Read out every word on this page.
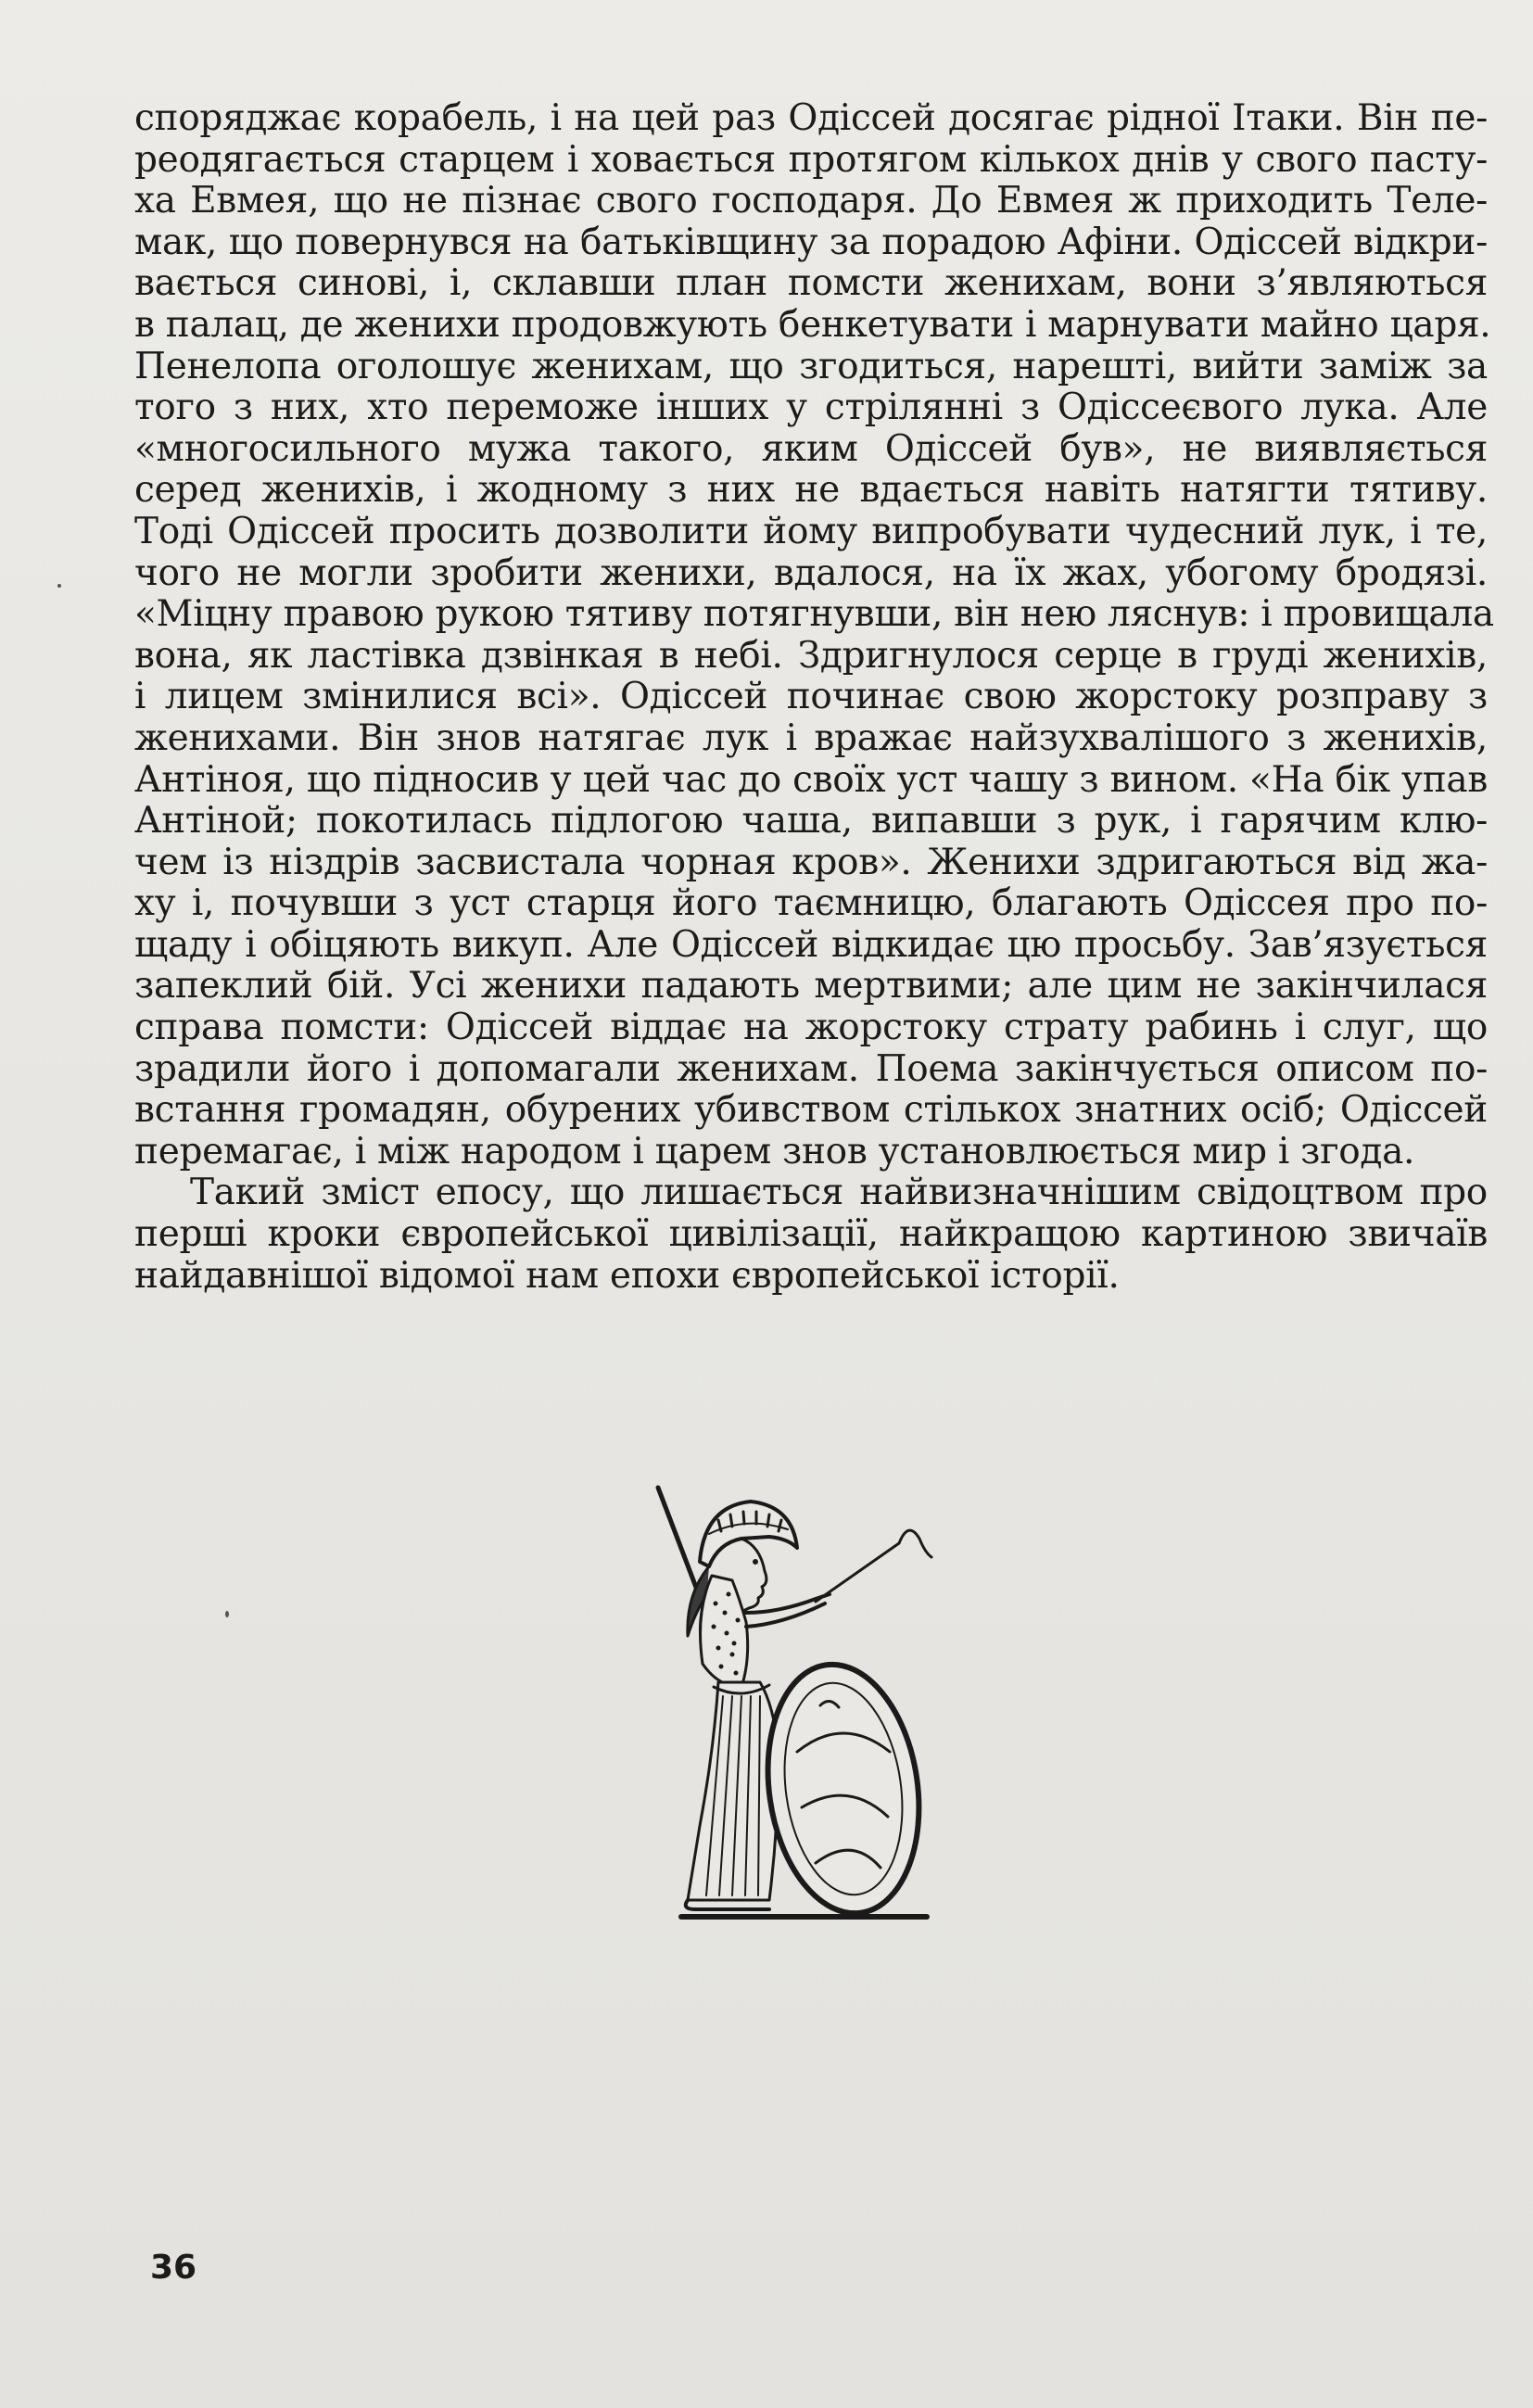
споряджає корабель, і на цей раз Одіссей досягає рідної Ітаки. Він пе-
реодягається старцем і ховається протягом кількох днів у свого пасту-
ха Евмея, що не пізнає свого господаря. До Евмея ж приходить Теле-
мак, що повернувся на батьківщину за порадою Афіни. Одіссей відкри-
вається синові, і, склавши план помсти женихам, вони з’являються
в палац, де женихи продовжують бенкетувати і марнувати майно царя.
Пенелопа оголошує женихам, що згодиться, нарешті, вийти заміж за
того з них, хто переможе інших у стрілянні з Одіссеєвого лука. Але
«многосильного мужа такого, яким Одіссей був», не виявляється
серед женихів, і жодному з них не вдається навіть натягти тятиву.
Тоді Одіссей просить дозволити йому випробувати чудесний лук, і те,
чого не могли зробити женихи, вдалося, на їх жах, убогому бродязі.
«Міцну правою рукою тятиву потягнувши, він нею ляснув: і провищала
вона, як ластівка дзвінкая в небі. Здригнулося серце в груді женихів,
і лицем змінилися всі». Одіссей починає свою жорстоку розправу з
женихами. Він знов натягає лук і вражає найзухвалішого з женихів,
Антіноя, що підносив у цей час до своїх уст чашу з вином. «На бік упав
Антіной; покотилась підлогою чаша, випавши з рук, і гарячим клю-
чем із ніздрів засвистала чорная кров». Женихи здригаються від жа-
ху і, почувши з уст старця його таємницю, благають Одіссея про по-
щаду і обіцяють викуп. Але Одіссей відкидає цю просьбу. Зав’язується
запеклий бій. Усі женихи падають мертвими; але цим не закінчилася
справа помсти: Одіссей віддає на жорстоку страту рабинь і слуг, що
зрадили його і допомагали женихам. Поема закінчується описом по-
встання громадян, обурених убивством стількох знатних осіб; Одіссей
перемагає, і між народом і царем знов установлюється мир і згода.
Такий зміст епосу, що лишається найвизначнішим свідоцтвом про
перші кроки європейської цивілізації, найкращою картиною звичаїв
найдавнішої відомої нам епохи європейської історії.
36
